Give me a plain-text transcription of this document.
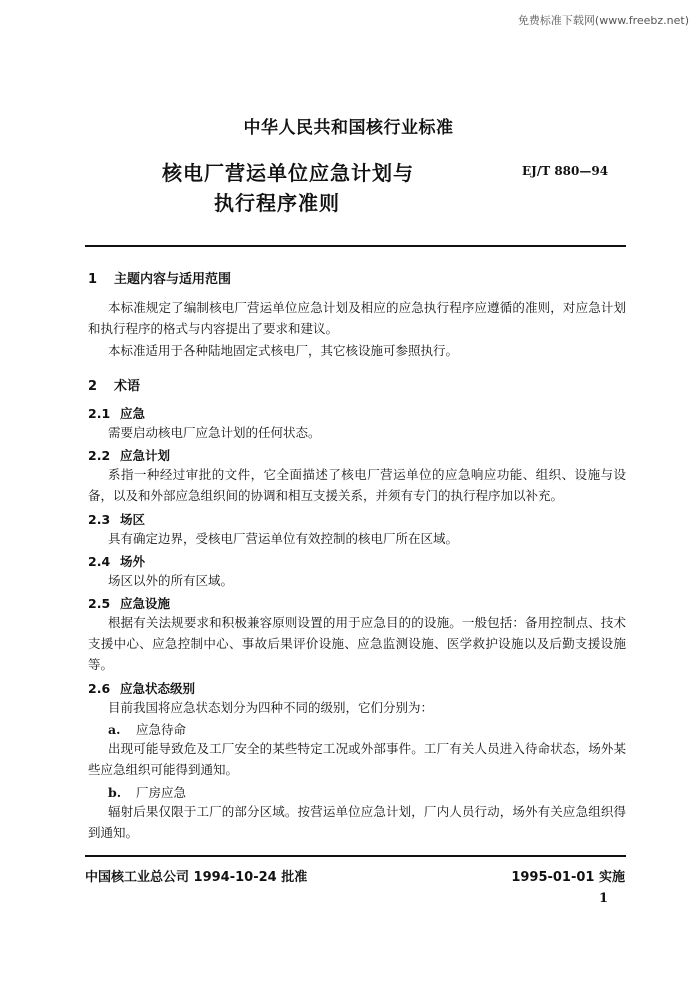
免费标准下载网(www.freebz.net)
中华人民共和国核行业标准
核电厂营运单位应急计划与
执行程序准则
EJ/T 880—94
1 主题内容与适用范围

本标准规定了编制核电厂营运单位应急计划及相应的应急执行程序应遵循的准则，对应急计划和执行程序的格式与内容提出了要求和建议。

本标准适用于各种陆地固定式核电厂，其它核设施可参照执行。

2 术语
2.1 应急

需要启动核电厂应急计划的任何状态。

2.2 应急计划

系指一种经过审批的文件，它全面描述了核电厂营运单位的应急响应功能、组织、设施与设备，以及和外部应急组织间的协调和相互支援关系，并须有专门的执行程序加以补充。

2.3 场区

具有确定边界，受核电厂营运单位有效控制的核电厂所在区域。

2.4 场外

场区以外的所有区域。

2.5 应急设施

根据有关法规要求和积极兼容原则设置的用于应急目的的设施。一般包括：备用控制点、技术支援中心、应急控制中心、事故后果评价设施、应急监测设施、医学救护设施以及后勤支援设施等。

2.6 应急状态级别

目前我国将应急状态划分为四种不同的级别，它们分别为：

a. 应急待命

出现可能导致危及工厂安全的某些特定工况或外部事件。工厂有关人员进入待命状态，场外某些应急组织可能得到通知。

b. 厂房应急

辐射后果仅限于工厂的部分区域。按营运单位应急计划，厂内人员行动，场外有关应急组织得到通知。

中国核工业总公司 1994-10-24 批准	1995-01-01 实施
1
